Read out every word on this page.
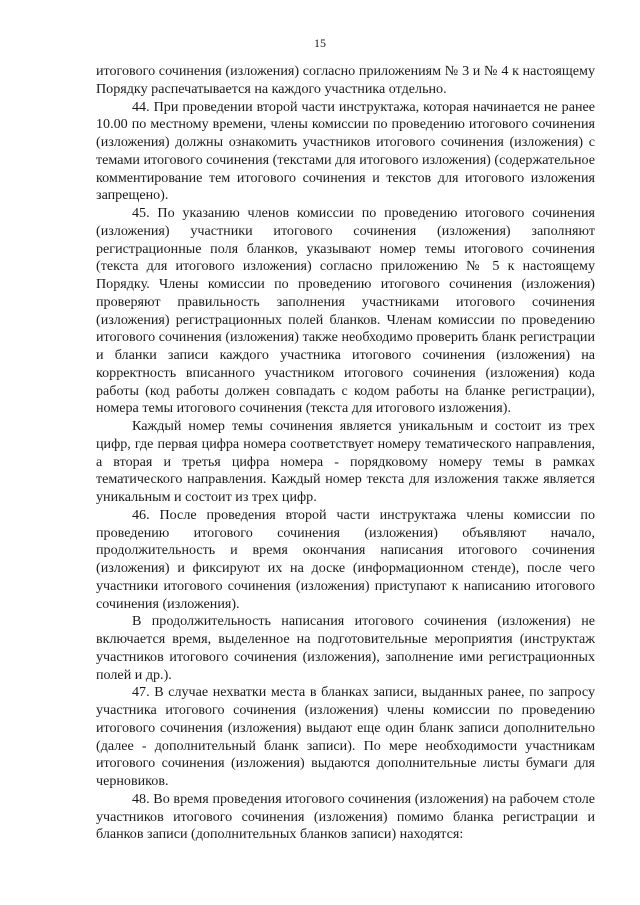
15

итогового сочинения (изложения) согласно приложениям № 3 и № 4 к настоящему Порядку распечатывается на каждого участника отдельно.

44. При проведении второй части инструктажа, которая начинается не ранее 10.00 по местному времени, члены комиссии по проведению итогового сочинения (изложения) должны ознакомить участников итогового сочинения (изложения) с темами итогового сочинения (текстами для итогового изложения) (содержательное комментирование тем итогового сочинения и текстов для итогового изложения запрещено).

45. По указанию членов комиссии по проведению итогового сочинения (изложения) участники итогового сочинения (изложения) заполняют регистрационные поля бланков, указывают номер темы итогового сочинения (текста для итогового изложения) согласно приложению № 5 к настоящему Порядку. Члены комиссии по проведению итогового сочинения (изложения) проверяют правильность заполнения участниками итогового сочинения (изложения) регистрационных полей бланков. Членам комиссии по проведению итогового сочинения (изложения) также необходимо проверить бланк регистрации и бланки записи каждого участника итогового сочинения (изложения) на корректность вписанного участником итогового сочинения (изложения) кода работы (код работы должен совпадать с кодом работы на бланке регистрации), номера темы итогового сочинения (текста для итогового изложения).

Каждый номер темы сочинения является уникальным и состоит из трех цифр, где первая цифра номера соответствует номеру тематического направления, а вторая и третья цифра номера - порядковому номеру темы в рамках тематического направления. Каждый номер текста для изложения также является уникальным и состоит из трех цифр.

46. После проведения второй части инструктажа члены комиссии по проведению итогового сочинения (изложения) объявляют начало, продолжительность и время окончания написания итогового сочинения (изложения) и фиксируют их на доске (информационном стенде), после чего участники итогового сочинения (изложения) приступают к написанию итогового сочинения (изложения).

В продолжительность написания итогового сочинения (изложения) не включается время, выделенное на подготовительные мероприятия (инструктаж участников итогового сочинения (изложения), заполнение ими регистрационных полей и др.).

47. В случае нехватки места в бланках записи, выданных ранее, по запросу участника итогового сочинения (изложения) члены комиссии по проведению итогового сочинения (изложения) выдают еще один бланк записи дополнительно (далее - дополнительный бланк записи). По мере необходимости участникам итогового сочинения (изложения) выдаются дополнительные листы бумаги для черновиков.

48. Во время проведения итогового сочинения (изложения) на рабочем столе участников итогового сочинения (изложения) помимо бланка регистрации и бланков записи (дополнительных бланков записи) находятся:
